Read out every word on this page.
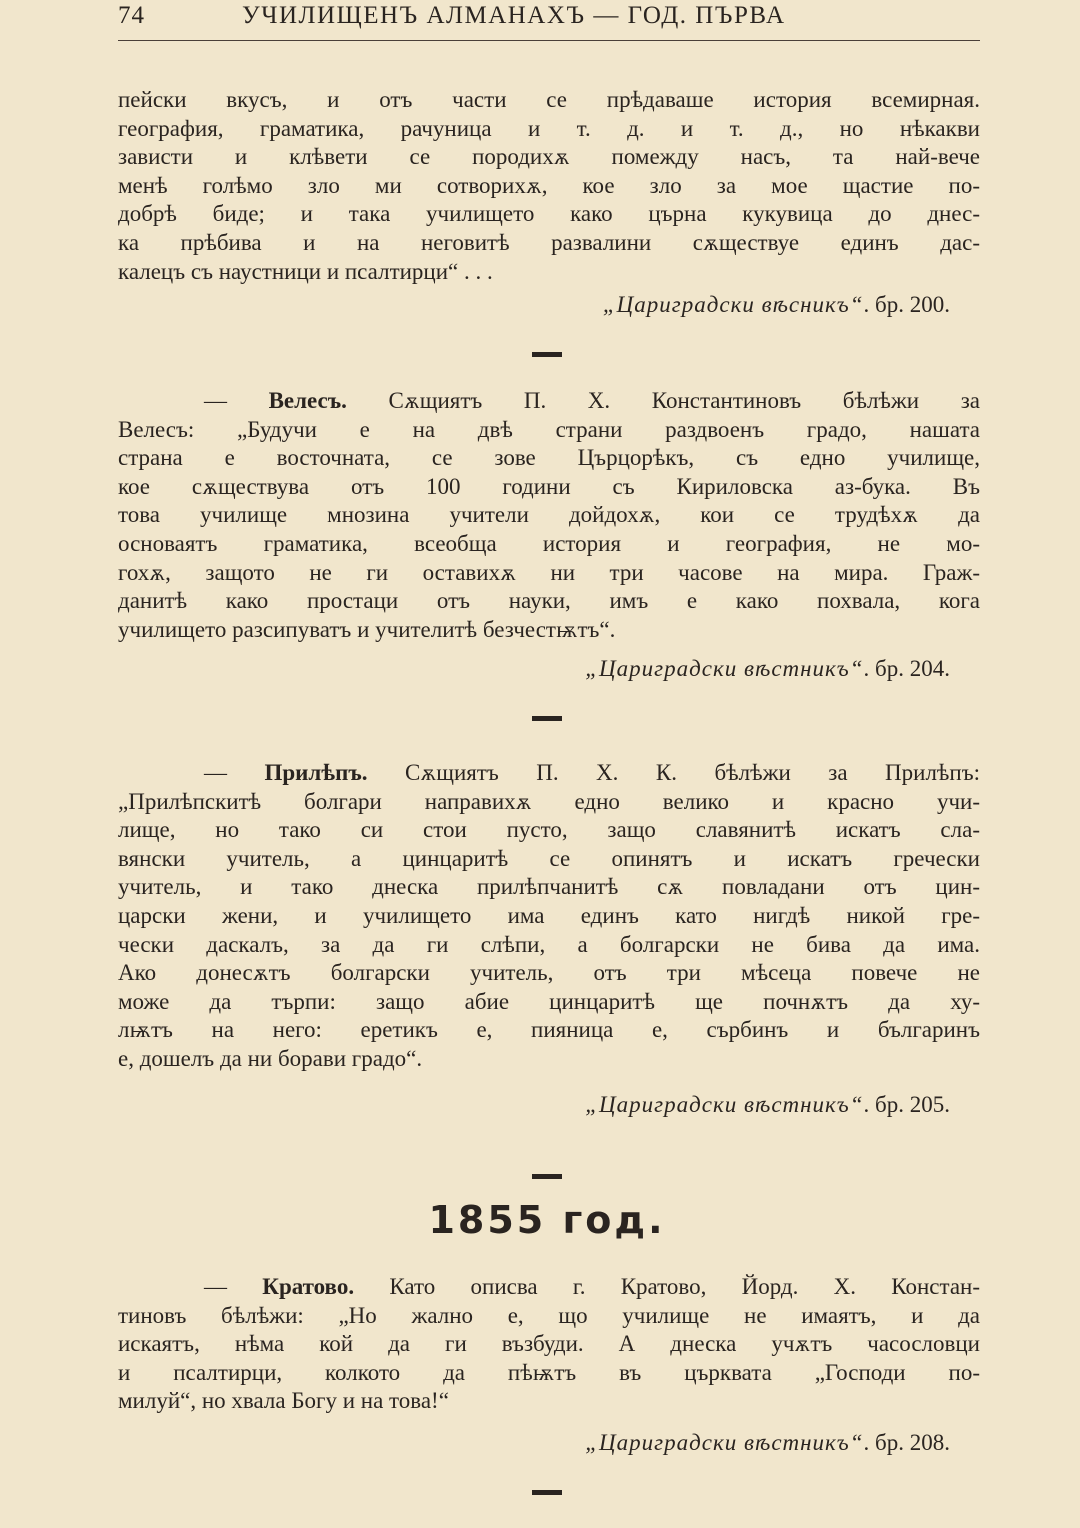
74	УЧИЛИЩЕНЪ АЛМАНАХЪ — ГОД. ПЪРВА
пейски вкусъ, и отъ части се прѣдаваше история всемирная.
география, граматика, рачуница и т. д. и т. д., но нѣкакви
зависти и клѣвети се породихѫ помежду насъ, та най-вече
менѣ голѣмо зло ми сотворихѫ, кое зло за мое щастие по-
добрѣ биде; и така училището како църна кукувица до днес-
ка прѣбива и на неговитѣ развалини сѫществуе единъ дас-
калецъ съ наустници и псалтирци“ . . .
„Цариградски вѣсникъ“. бр. 200.
— Велесъ. Сѫщиятъ П. Х. Константиновъ бѣлѣжи за
Велесъ: „Будучи е на двѣ страни раздвоенъ градо, нашата
страна е восточната, се зове Църцорѣкъ, съ едно училище,
кое сѫществува отъ 100 години съ Кириловска аз-бука. Въ
това училище мнозина учители дойдохѫ, кои се трудѣхѫ да
основаятъ граматика, всеобща история и география, не мо-
гохѫ, защото не ги оставихѫ ни три часове на мира. Граж-
данитѣ како простаци отъ науки, имъ е како похвала, кога
училището разсипуватъ и учителитѣ безчестѭтъ“.
„Цариградски вѣстникъ“. бр. 204.
— Прилѣпъ. Сѫщиятъ П. Х. К. бѣлѣжи за Прилѣпъ:
„Прилѣпскитѣ болгари направихѫ едно велико и красно учи-
лище, но тако си стои пусто, защо славянитѣ искатъ сла-
вянски учитель, а цинцаритѣ се опинятъ и искатъ гречески
учитель, и тако днеска прилѣпчанитѣ сѫ повладани отъ цин-
царски жени, и училището има единъ като нигдѣ никой гре-
чески даскалъ, за да ги слѣпи, а болгарски не бива да има.
Ако донесѫтъ болгарски учитель, отъ три мѣсеца повече не
може да търпи: защо абие цинцаритѣ ще почнѫтъ да ху-
лѭтъ на него: еретикъ е, пияница е, сърбинъ и българинъ
е, дошелъ да ни борави градо“.
„Цариградски вѣстникъ“. бр. 205.
1855 год.
— Кратово. Като описва г. Кратово, Йорд. Х. Констан-
тиновъ бѣлѣжи: „Но жално е, що училище не имаятъ, и да
искаятъ, нѣма кой да ги възбуди. А днеска учѫтъ часословци
и псалтирци, колкото да пѣѭтъ въ църквата „Господи по-
милуй“, но хвала Богу и на това!“
„Цариградски вѣстникъ“. бр. 208.
